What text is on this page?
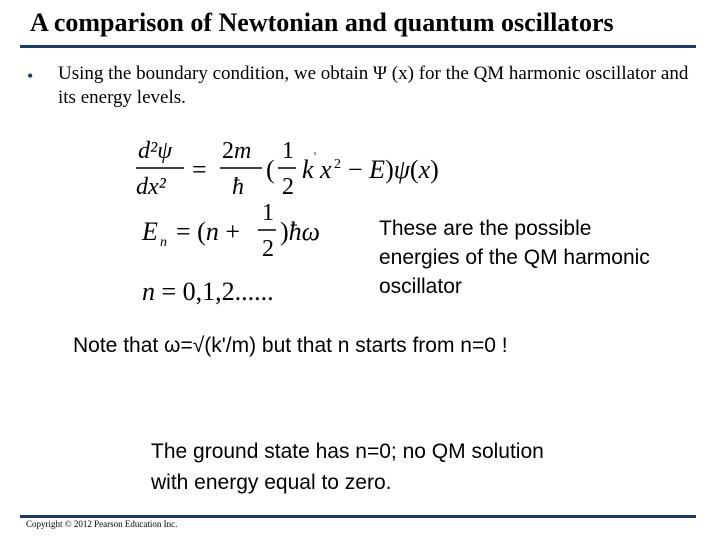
A comparison of Newtonian and quantum oscillators
• Using the boundary condition, we obtain Ψ (x) for the QM harmonic oscillator and its energy levels.
d²ψ
dx²
=
2m
ħ
(
1
2
k ' x 2 − E)ψ(x)
E n = (n +
1
2
)ħω
n = 0,1,2......
These are the possible energies of the QM harmonic oscillator
Note that ω=√(k'/m) but that n starts from n=0 !
The ground state has n=0; no QM solution with energy equal to zero.
Copyright © 2012 Pearson Education Inc.
